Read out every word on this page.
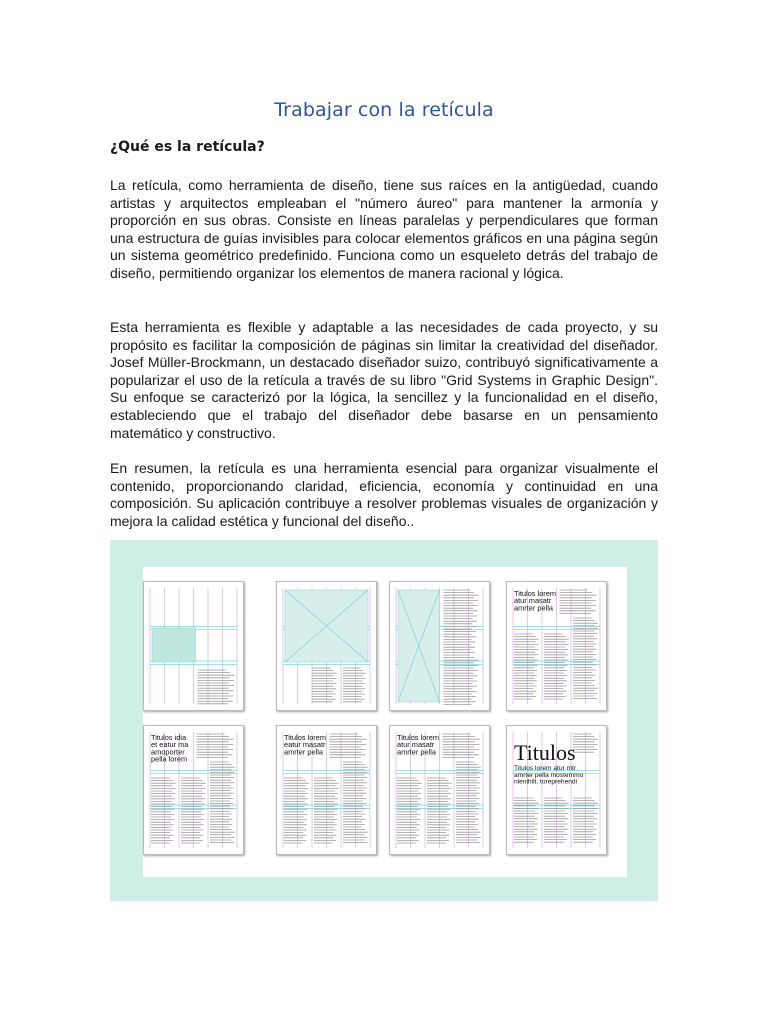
Trabajar con la retícula
¿Qué es la retícula?
La retícula, como herramienta de diseño, tiene sus raíces en la antigüedad, cuando artistas y arquitectos empleaban el "número áureo" para mantener la armonía y proporción en sus obras. Consiste en líneas paralelas y perpendiculares que forman una estructura de guías invisibles para colocar elementos gráficos en una página según un sistema geométrico predefinido. Funciona como un esqueleto detrás del trabajo de diseño, permitiendo organizar los elementos de manera racional y lógica.
Esta herramienta es flexible y adaptable a las necesidades de cada proyecto, y su propósito es facilitar la composición de páginas sin limitar la creatividad del diseñador. Josef Müller-Brockmann, un destacado diseñador suizo, contribuyó significativamente a popularizar el uso de la retícula a través de su libro "Grid Systems in Graphic Design". Su enfoque se caracterizó por la lógica, la sencillez y la funcionalidad en el diseño, estableciendo que el trabajo del diseñador debe basarse en un pensamiento matemático y constructivo.
En resumen, la retícula es una herramienta esencial para organizar visualmente el contenido, proporcionando claridad, eficiencia, economía y continuidad en una composición. Su aplicación contribuye a resolver problemas visuales de organización y mejora la calidad estética y funcional del diseño..
Titulos lorem
atur masatr
amrter pella
Titulos idia
et eatur ma
amoporter
pella lorem
Titulos lorem
eatur masatr
amrter pella
Titulos lorem
atur masatr
amrter pella	Titulos
Titulos lorem atur mtr
amrter pella mostemmo
nlenihilt, toreprehendi
